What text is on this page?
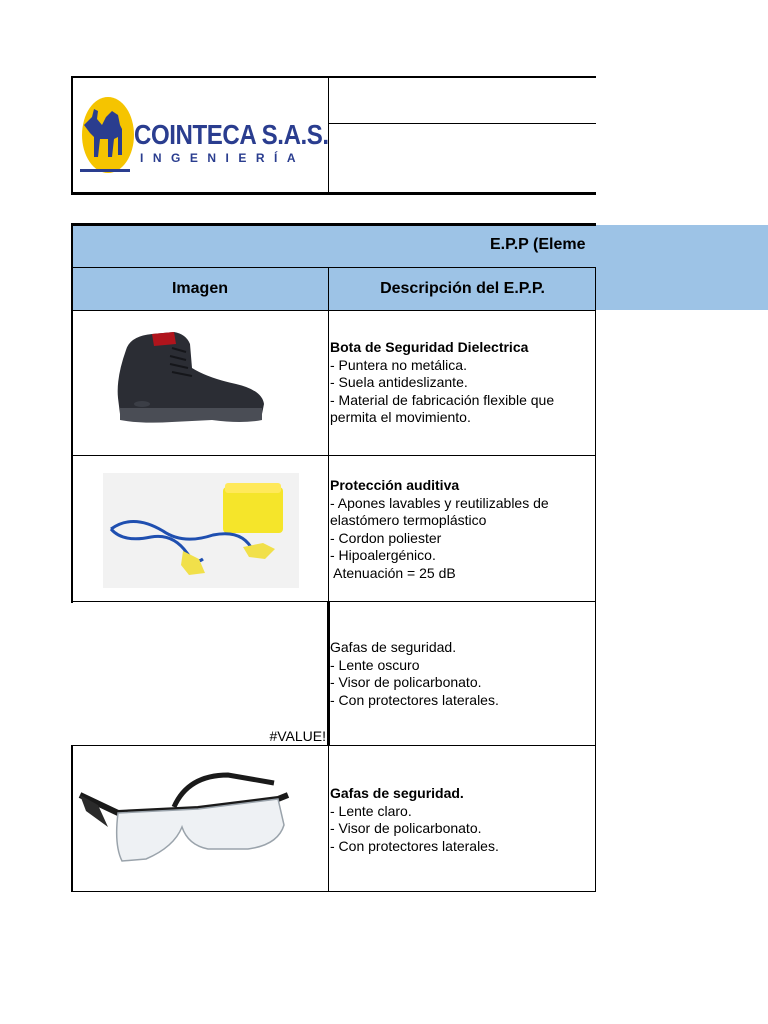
COINTECA S.A.S.
INGENIERÍA
E.P.P (Eleme
Imagen	Descripción del E.P.P.
Bota de Seguridad Dielectrica
- Puntera no metálica.
- Suela antideslizante.
- Material de fabricación flexible que
permita el movimiento.
Protección auditiva
- Apones lavables y reutilizables de
elastómero termoplástico
- Cordon poliester
- Hipoalergénico.
Atenuación = 25 dB
#VALUE!
Gafas de seguridad.
- Lente oscuro
- Visor de policarbonato.
- Con protectores laterales.
Gafas de seguridad.
- Lente claro.
- Visor de policarbonato.
- Con protectores laterales.
